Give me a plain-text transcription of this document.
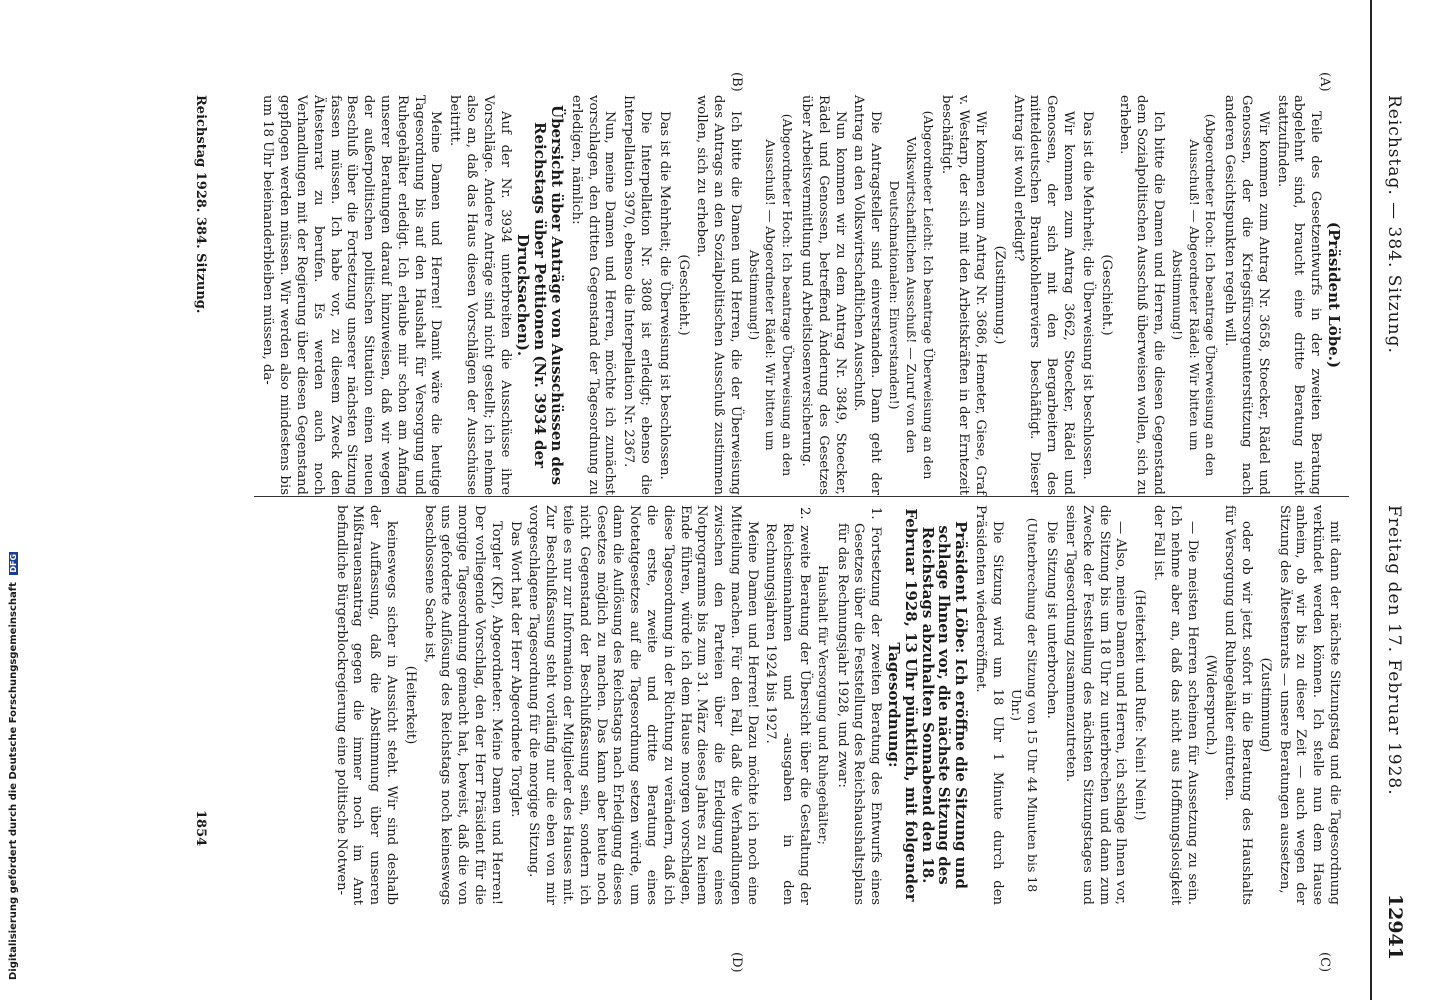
Digitalisierung gefördert durch die Deutsche Forschungsgemeinschaft DFG
Reichstag. — 384. Sitzung.
Freitag den 17. Februar 1928.
12941
(A)
(B)
(C)
(D)

(Präsident Löbe.)

Teile des Gesetzentwurfs in der zweiten Beratung abgelehnt sind, braucht eine dritte Beratung nicht stattzufinden.

Wir kommen zum Antrag Nr. 3658, Stoecker, Rädel und Genossen, der die Kriegsfürsorgeunterstützung nach anderen Gesichtspunkten regeln will.

(Abgeordneter Hoch: Ich beantrage Überweisung an den Ausschuß! — Abgeordneter Rädel: Wir bitten um Abstimmung!)

Ich bitte die Damen und Herren, die diesen Gegenstand dem Sozialpolitischen Ausschuß überweisen wollen, sich zu erheben.

(Geschieht.)

Das ist die Mehrheit; die Überweisung ist beschlossen.

Wir kommen zum Antrag 3662, Stoecker, Rädel und Genossen, der sich mit den Bergarbeitern des mitteldeutschen Braunkohlenreviers beschäftigt. Dieser Antrag ist wohl erledigt?

(Zustimmung.)

Wir kommen zum Antrag Nr. 3686, Hemeter, Giese, Graf v. Westarp, der sich mit den Arbeitskräften in der Erntezeit beschäftigt.

(Abgeordneter Leicht: Ich beantrage Überweisung an den Volkswirtschaftlichen Ausschuß! — Zuruf von den Deutschnationalen: Einverstanden!)

Die Antragsteller sind einverstanden. Dann geht der Antrag an den Volkswirtschaftlichen Ausschuß.

Nun kommen wir zu dem Antrag Nr. 3849, Stoecker, Rädel und Genossen, betreffend Änderung des Gesetzes über Arbeitsvermittlung und Arbeitslosenversicherung.

(Abgeordneter Hoch: Ich beantrage Überweisung an den Ausschuß! — Abgeordneter Rädel: Wir bitten um Abstimmung!)

Ich bitte die Damen und Herren, die der Überweisung des Antrags an den Sozialpolitischen Ausschuß zustimmen wollen, sich zu erheben.

(Geschieht.)

Das ist die Mehrheit; die Überweisung ist beschlossen.

Die Interpellation Nr. 3808 ist erledigt; ebenso die Interpellation 3970, ebenso die Interpellation Nr. 2367.

Nun, meine Damen und Herren, möchte ich zunächst vorschlagen, den dritten Gegenstand der Tagesordnung zu erledigen, nämlich:

Übersicht über Anträge von Ausschüssen des Reichstags über Petitionen (Nr. 3934 der Drucksachen).

Auf der Nr. 3934 unterbreiten die Ausschüsse ihre Vorschläge. Andere Anträge sind nicht gestellt; ich nehme also an, daß das Haus diesen Vorschlägen der Ausschüsse beitritt.

Meine Damen und Herren! Damit wäre die heutige Tagesordnung bis auf den Haushalt für Versorgung und Ruhegehälter erledigt. Ich erlaube mir schon am Anfang unserer Beratungen darauf hinzuweisen, daß wir wegen der außerpolitischen politischen Situation einen neuen Beschluß über die Fortsetzung unserer nächsten Sitzung fassen müssen. Ich habe vor, zu diesem Zweck den Ältestenrat zu berufen. Es werden auch noch Verhandlungen mit der Regierung über diesen Gegenstand gepflogen werden müssen. Wir werden also mindestens bis um 18 Uhr beieinanderbleiben müssen, da-

mit dann der nächste Sitzungstag und die Tagesordnung verkündet werden können. Ich stelle nun dem Hause anheim, ob wir bis zu dieser Zeit — auch wegen der Sitzung des Ältestenrats — unsere Beratungen aussetzen,

(Zustimmung)

oder ob wir jetzt sofort in die Beratung des Haushalts für Versorgung und Ruhegehälter eintreten.

(Widerspruch.)

— Die meisten Herren scheinen für Aussetzung zu sein. Ich nehme aber an, daß das nicht aus Hoffnungslosigkeit der Fall ist.

(Heiterkeit und Rufe: Nein! Nein!)

— Also, meine Damen und Herren, ich schlage Ihnen vor, die Sitzung bis um 18 Uhr zu unterbrechen und dann zum Zwecke der Feststellung des nächsten Sitzungstages und seiner Tagesordnung zusammenzutreten.

Die Sitzung ist unterbrochen.

(Unterbrechung der Sitzung von 15 Uhr 44 Minuten bis 18 Uhr.)

Die Sitzung wird um 18 Uhr 1 Minute durch den Präsidenten wiedereröffnet.

Präsident Löbe: Ich eröffne die Sitzung und schlage Ihnen vor, die nächste Sitzung des Reichstags abzuhalten Sonnabend den 18. Februar 1928, 13 Uhr pünktlich, mit folgender Tagesordnung:

1. Fortsetzung der zweiten Beratung des Entwurfs eines Gesetzes über die Feststellung des Reichshaushaltsplans für das Rechnungsjahr 1928, und zwar:

Haushalt für Versorgung und Ruhegehälter;

2. zweite Beratung der Übersicht über die Gestaltung der Reichseinnahmen und -ausgaben in den Rechnungsjahren 1924 bis 1927.

Meine Damen und Herren! Dazu möchte ich noch eine Mitteilung machen. Für den Fall, daß die Verhandlungen zwischen den Parteien über die Erledigung eines Notprogramms bis zum 31. März dieses Jahres zu keinem Ende führen, würde ich dem Hause morgen vorschlagen, diese Tagesordnung in der Richtung zu verändern, daß ich die erste, zweite und dritte Beratung eines Notetatgesetzes auf die Tagesordnung setzen würde, um dann die Auflösung des Reichstags nach Erledigung dieses Gesetzes möglich zu machen. Das kann aber heute noch nicht Gegenstand der Beschlußfassung sein, sondern ich teile es nur zur Information der Mitglieder des Hauses mit. Zur Beschlußfassung steht vorläufig nur die eben von mir vorgeschlagene Tagesordnung für die morgige Sitzung.

Das Wort hat der Herr Abgeordnete Torgler.

Torgler (KP), Abgeordneter: Meine Damen und Herren! Der vorliegende Vorschlag, den der Herr Präsident für die morgige Tagesordnung gemacht hat, beweist, daß die von uns geforderte Auflösung des Reichstags noch keineswegs beschlossene Sache ist,

(Heiterkeit)

keineswegs sicher in Aussicht steht. Wir sind deshalb der Auffassung, daß die Abstimmung über unseren Mißtrauensantrag gegen die immer noch im Amt befindliche Bürgerblockregierung eine politische Notwen-

Reichstag 1928. 384. Sitzung.
1854
